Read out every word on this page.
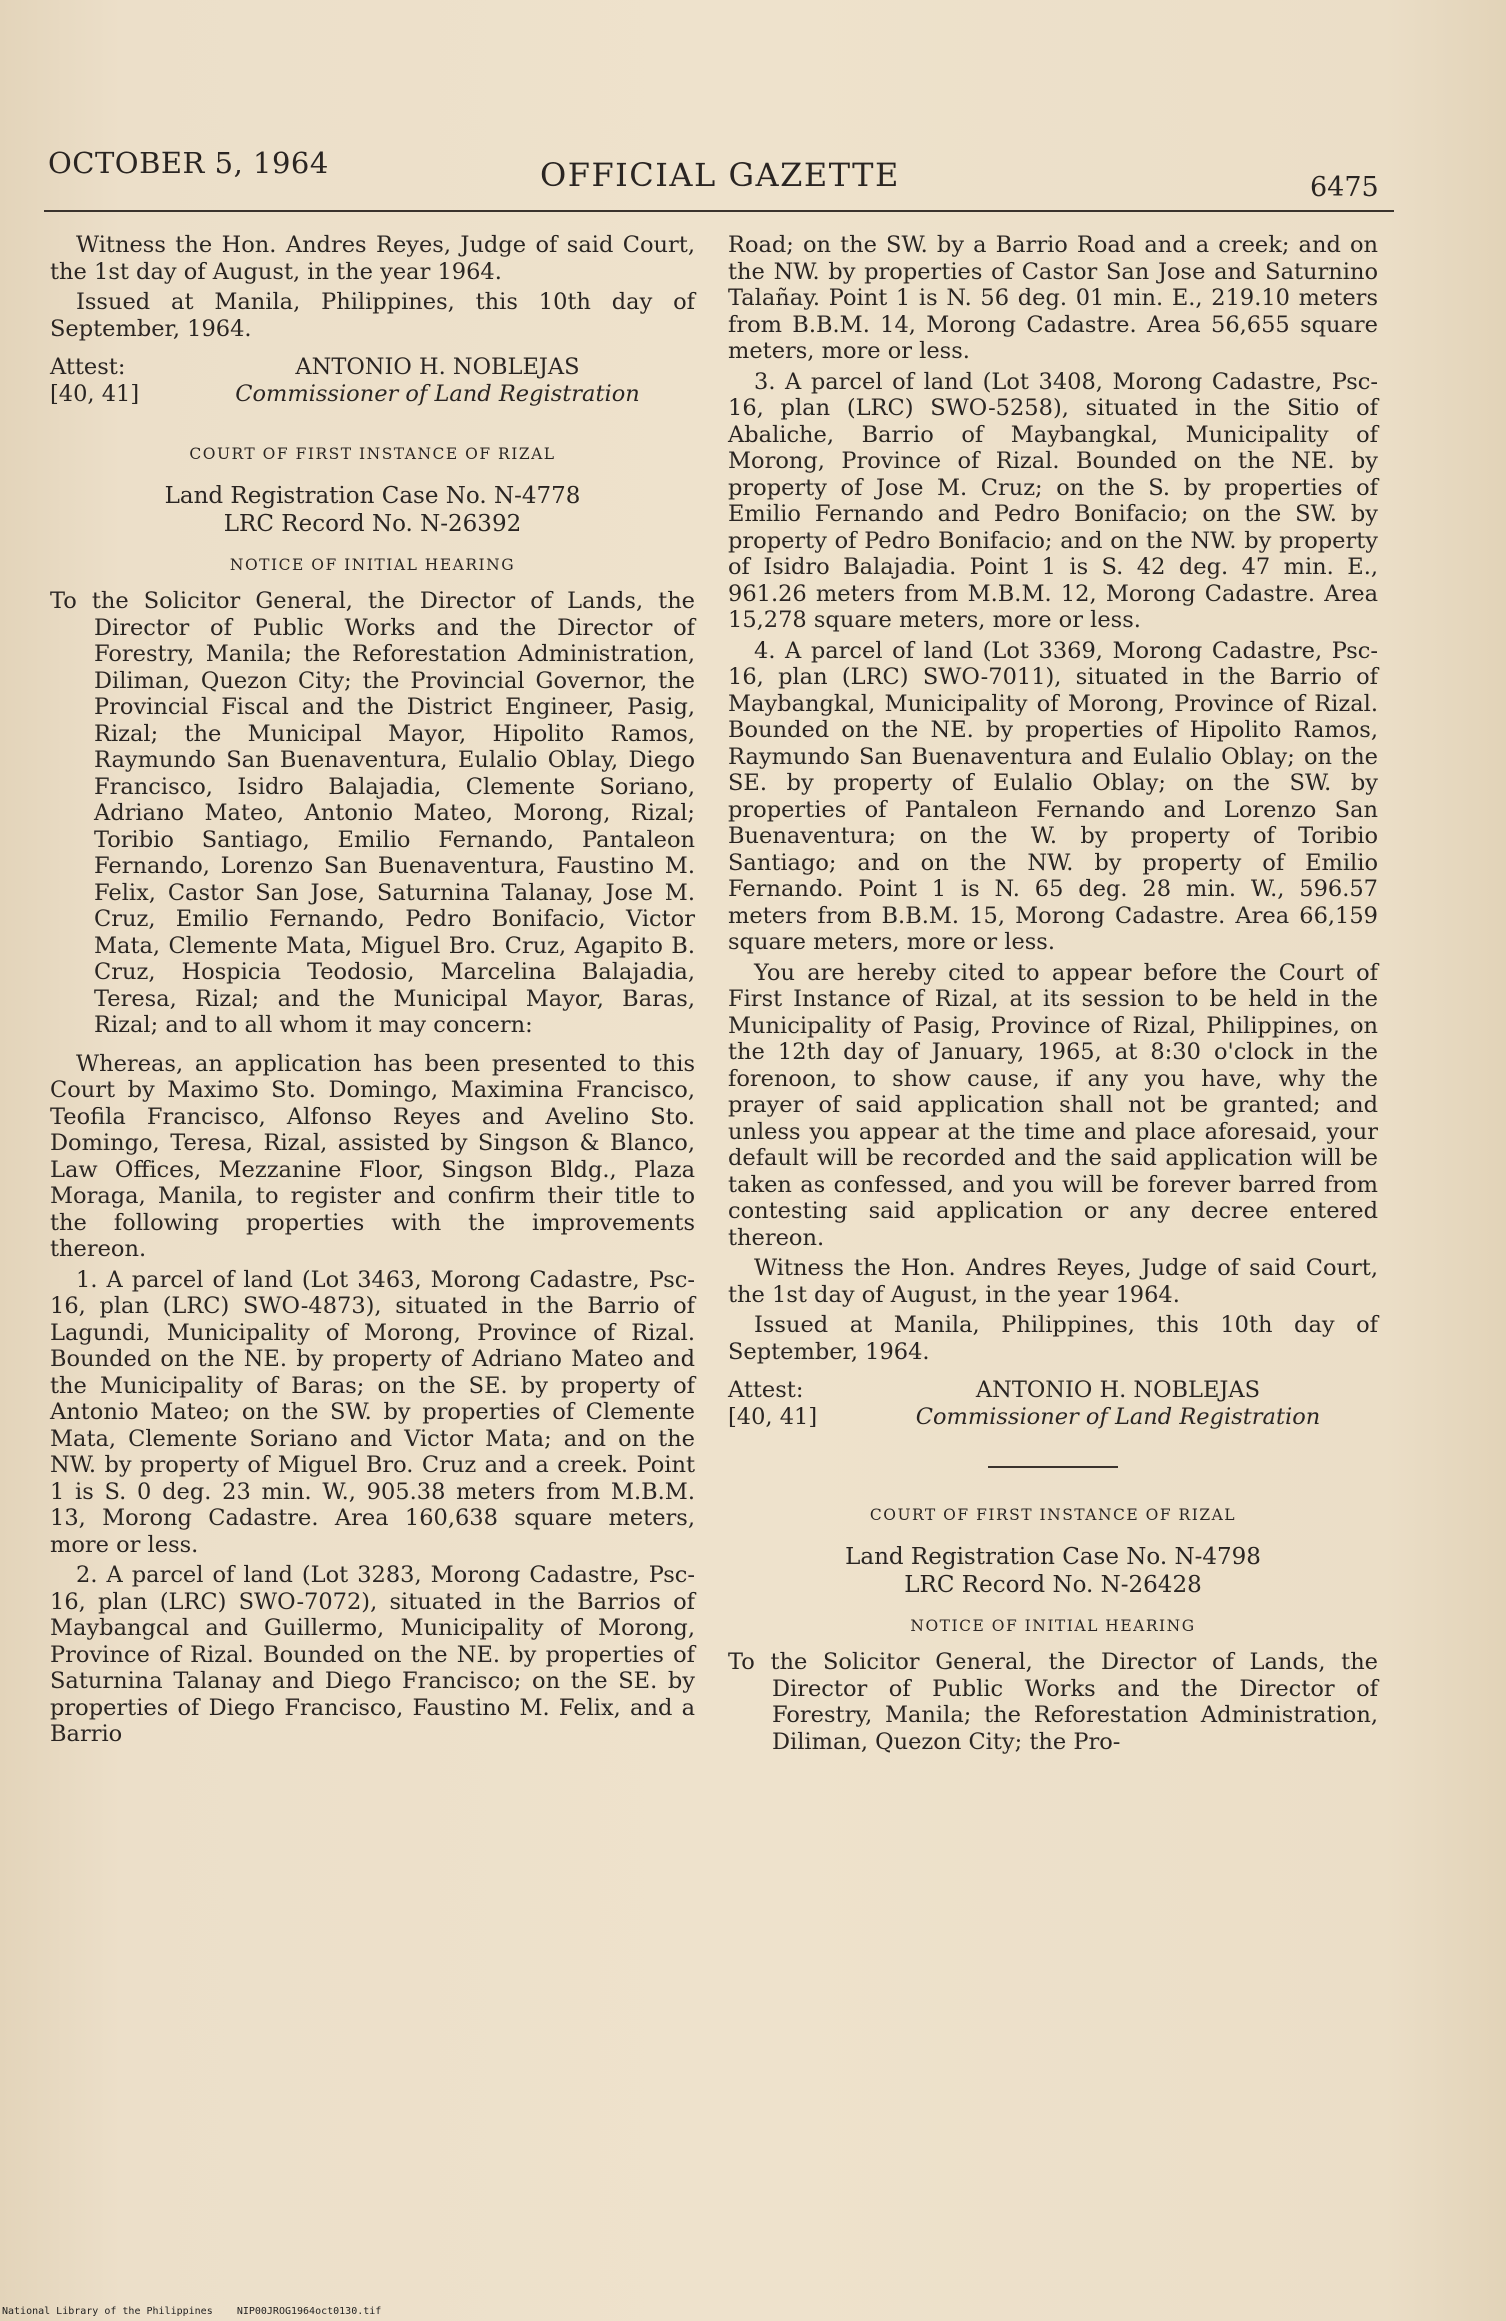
OCTOBER 5, 1964	OFFICIAL GAZETTE	6475

Witness the Hon. Andres Reyes, Judge of said Court, the 1st day of August, in the year 1964.

Issued at Manila, Philippines, this 10th day of September, 1964.

Attest:	ANTONIO H. NOBLEJAS
[40, 41]	Commissioner of Land Registration
COURT OF FIRST INSTANCE OF RIZAL

Land Registration Case No. N-4778

LRC Record No. N-26392

NOTICE OF INITIAL HEARING

To the Solicitor General, the Director of Lands, the Director of Public Works and the Director of Forestry, Manila; the Reforestation Administration, Diliman, Quezon City; the Provincial Governor, the Provincial Fiscal and the District Engineer, Pasig, Rizal; the Municipal Mayor, Hipolito Ramos, Raymundo San Buenaventura, Eulalio Oblay, Diego Francisco, Isidro Balajadia, Clemente Soriano, Adriano Mateo, Antonio Mateo, Morong, Rizal; Toribio Santiago, Emilio Fernando, Pantaleon Fernando, Lorenzo San Buenaventura, Faustino M. Felix, Castor San Jose, Saturnina Talanay, Jose M. Cruz, Emilio Fernando, Pedro Bonifacio, Victor Mata, Clemente Mata, Miguel Bro. Cruz, Agapito B. Cruz, Hospicia Teodosio, Marcelina Balajadia, Teresa, Rizal; and the Municipal Mayor, Baras, Rizal; and to all whom it may concern:

Whereas, an application has been presented to this Court by Maximo Sto. Domingo, Maximina Francisco, Teofila Francisco, Alfonso Reyes and Avelino Sto. Domingo, Teresa, Rizal, assisted by Singson & Blanco, Law Offices, Mezzanine Floor, Singson Bldg., Plaza Moraga, Manila, to register and confirm their title to the following properties with the improvements thereon.

1. A parcel of land (Lot 3463, Morong Cadastre, Psc-16, plan (LRC) SWO-4873), situated in the Barrio of Lagundi, Municipality of Morong, Province of Rizal. Bounded on the NE. by property of Adriano Mateo and the Municipality of Baras; on the SE. by property of Antonio Mateo; on the SW. by properties of Clemente Mata, Clemente Soriano and Victor Mata; and on the NW. by property of Miguel Bro. Cruz and a creek. Point 1 is S. 0 deg. 23 min. W., 905.38 meters from M.B.M. 13, Morong Cadastre. Area 160,638 square meters, more or less.

2. A parcel of land (Lot 3283, Morong Cadastre, Psc-16, plan (LRC) SWO-7072), situated in the Barrios of Maybangcal and Guillermo, Municipality of Morong, Province of Rizal. Bounded on the NE. by properties of Saturnina Talanay and Diego Francisco; on the SE. by properties of Diego Francisco, Faustino M. Felix, and a Barrio

Road; on the SW. by a Barrio Road and a creek; and on the NW. by properties of Castor San Jose and Saturnino Talañay. Point 1 is N. 56 deg. 01 min. E., 219.10 meters from B.B.M. 14, Morong Cadastre. Area 56,655 square meters, more or less.

3. A parcel of land (Lot 3408, Morong Cadastre, Psc-16, plan (LRC) SWO-5258), situated in the Sitio of Abaliche, Barrio of Maybangkal, Municipality of Morong, Province of Rizal. Bounded on the NE. by property of Jose M. Cruz; on the S. by properties of Emilio Fernando and Pedro Bonifacio; on the SW. by property of Pedro Bonifacio; and on the NW. by property of Isidro Balajadia. Point 1 is S. 42 deg. 47 min. E., 961.26 meters from M.B.M. 12, Morong Cadastre. Area 15,278 square meters, more or less.

4. A parcel of land (Lot 3369, Morong Cadastre, Psc-16, plan (LRC) SWO-7011), situated in the Barrio of Maybangkal, Municipality of Morong, Province of Rizal. Bounded on the NE. by properties of Hipolito Ramos, Raymundo San Buenaventura and Eulalio Oblay; on the SE. by property of Eulalio Oblay; on the SW. by properties of Pantaleon Fernando and Lorenzo San Buenaventura; on the W. by property of Toribio Santiago; and on the NW. by property of Emilio Fernando. Point 1 is N. 65 deg. 28 min. W., 596.57 meters from B.B.M. 15, Morong Cadastre. Area 66,159 square meters, more or less.

You are hereby cited to appear before the Court of First Instance of Rizal, at its session to be held in the Municipality of Pasig, Province of Rizal, Philippines, on the 12th day of January, 1965, at 8:30 o'clock in the forenoon, to show cause, if any you have, why the prayer of said application shall not be granted; and unless you appear at the time and place aforesaid, your default will be recorded and the said application will be taken as confessed, and you will be forever barred from contesting said application or any decree entered thereon.

Witness the Hon. Andres Reyes, Judge of said Court, the 1st day of August, in the year 1964.

Issued at Manila, Philippines, this 10th day of September, 1964.

Attest:	ANTONIO H. NOBLEJAS
[40, 41]	Commissioner of Land Registration
COURT OF FIRST INSTANCE OF RIZAL

Land Registration Case No. N-4798

LRC Record No. N-26428

NOTICE OF INITIAL HEARING

To the Solicitor General, the Director of Lands, the Director of Public Works and the Director of Forestry, Manila; the Reforestation Administration, Diliman, Quezon City; the Pro-

National Library of the Philippines NIP00JROG1964oct0130.tif
